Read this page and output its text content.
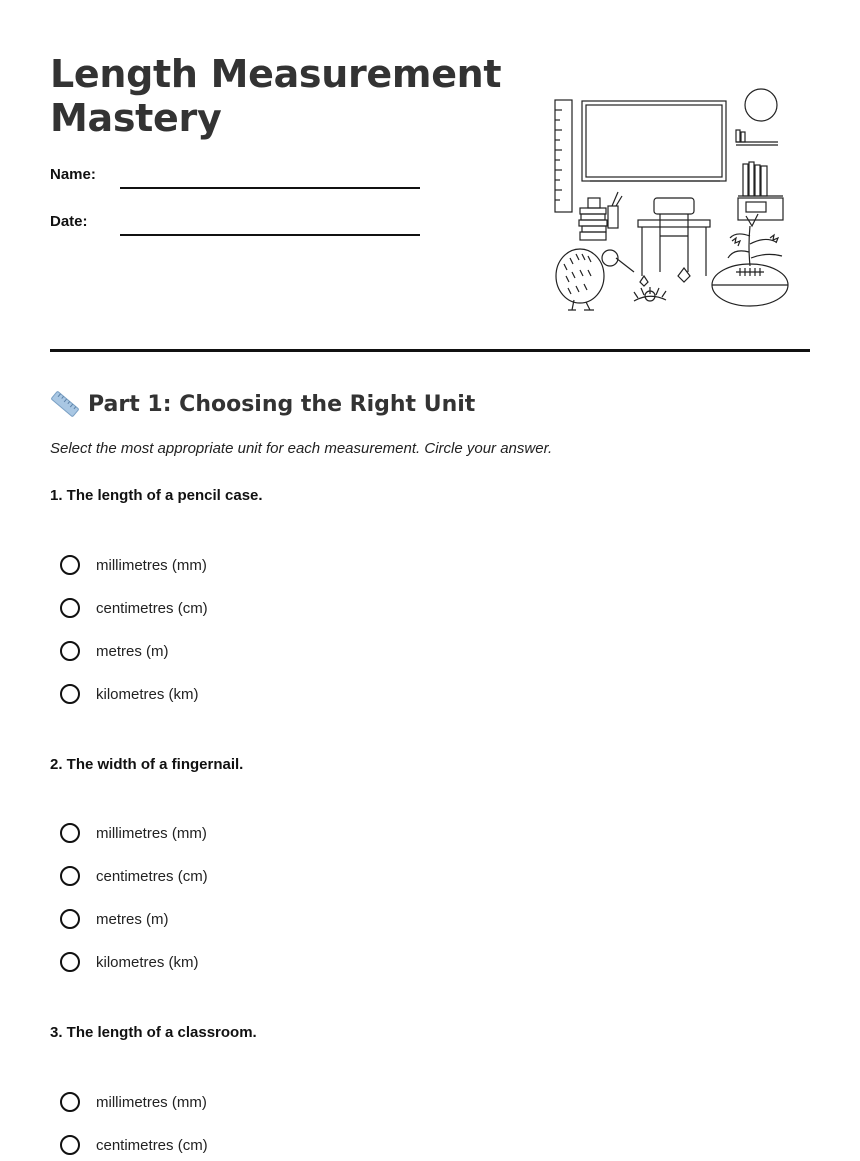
Length Measurement
Mastery
Name:
Date:
Part 1: Choosing the Right Unit
Select the most appropriate unit for each measurement. Circle your answer.
1. The length of a pencil case.
millimetres (mm)
centimetres (cm)
metres (m)
kilometres (km)
2. The width of a fingernail.
millimetres (mm)
centimetres (cm)
metres (m)
kilometres (km)
3. The length of a classroom.
millimetres (mm)
centimetres (cm)
